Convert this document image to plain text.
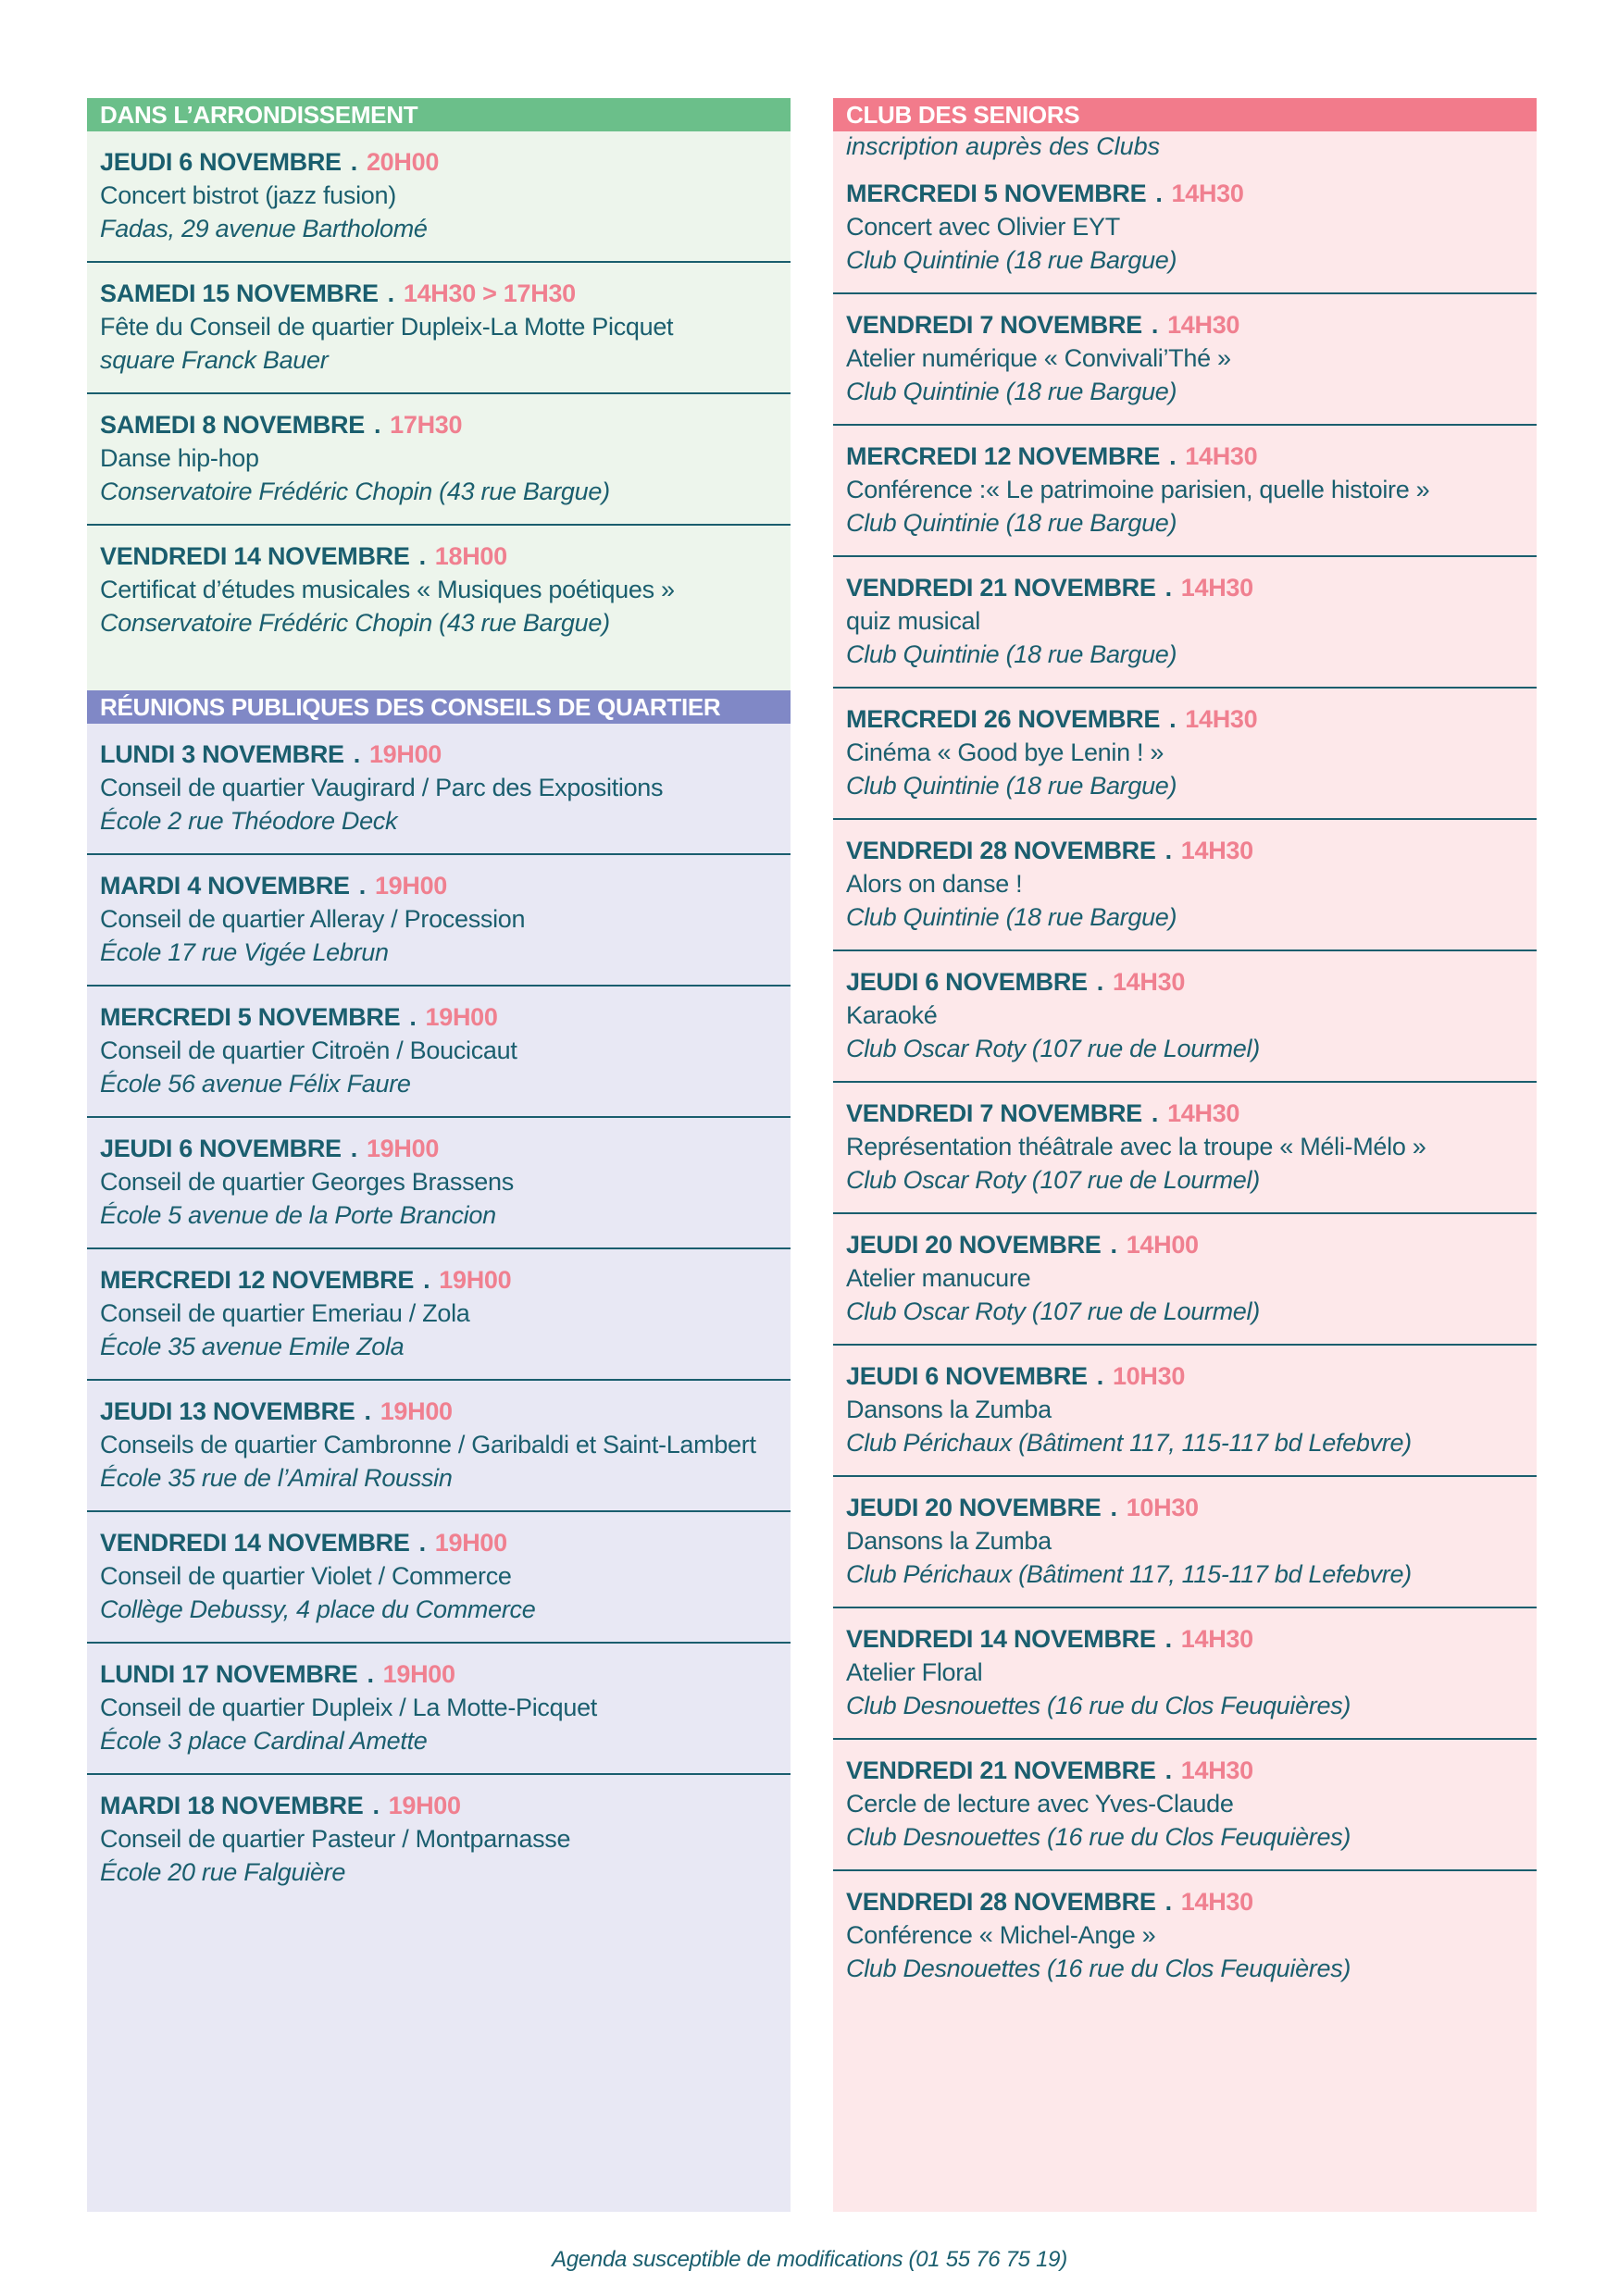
DANS L’ARRONDISSEMENT
JEUDI 6 NOVEMBRE . 20H00
Concert bistrot (jazz fusion)
Fadas, 29 avenue Bartholomé
SAMEDI 15 NOVEMBRE . 14H30 > 17H30
Fête du Conseil de quartier Dupleix-La Motte Picquet
square Franck Bauer
SAMEDI 8 NOVEMBRE . 17H30
Danse hip-hop
Conservatoire Frédéric Chopin (43 rue Bargue)
VENDREDI 14 NOVEMBRE . 18H00
Certificat d’études musicales « Musiques poétiques »
Conservatoire Frédéric Chopin (43 rue Bargue)
RÉUNIONS PUBLIQUES DES CONSEILS DE QUARTIER
LUNDI 3 NOVEMBRE . 19H00
Conseil de quartier Vaugirard / Parc des Expositions
École 2 rue Théodore Deck
MARDI 4 NOVEMBRE . 19H00
Conseil de quartier Alleray / Procession
École 17 rue Vigée Lebrun
MERCREDI 5 NOVEMBRE . 19H00
Conseil de quartier Citroën / Boucicaut
École 56 avenue Félix Faure
JEUDI 6 NOVEMBRE . 19H00
Conseil de quartier Georges Brassens
École 5 avenue de la Porte Brancion
MERCREDI 12 NOVEMBRE . 19H00
Conseil de quartier Emeriau / Zola
École 35 avenue Emile Zola
JEUDI 13 NOVEMBRE . 19H00
Conseils de quartier Cambronne / Garibaldi et Saint-Lambert
École 35 rue de l’Amiral Roussin
VENDREDI 14 NOVEMBRE . 19H00
Conseil de quartier Violet / Commerce
Collège Debussy, 4 place du Commerce
LUNDI 17 NOVEMBRE . 19H00
Conseil de quartier Dupleix / La Motte-Picquet
École 3 place Cardinal Amette
MARDI 18 NOVEMBRE . 19H00
Conseil de quartier Pasteur / Montparnasse
École 20 rue Falguière
CLUB DES SENIORS
inscription auprès des Clubs
MERCREDI 5 NOVEMBRE . 14H30
Concert avec Olivier EYT
Club Quintinie (18 rue Bargue)
VENDREDI 7 NOVEMBRE . 14H30
Atelier numérique « Convivali’Thé »
Club Quintinie (18 rue Bargue)
MERCREDI 12 NOVEMBRE . 14H30
Conférence :« Le patrimoine parisien, quelle histoire »
Club Quintinie (18 rue Bargue)
VENDREDI 21 NOVEMBRE . 14H30
quiz musical
Club Quintinie (18 rue Bargue)
MERCREDI 26 NOVEMBRE . 14H30
Cinéma « Good bye Lenin ! »
Club Quintinie (18 rue Bargue)
VENDREDI 28 NOVEMBRE . 14H30
Alors on danse !
Club Quintinie (18 rue Bargue)
JEUDI 6 NOVEMBRE . 14H30
Karaoké
Club Oscar Roty (107 rue de Lourmel)
VENDREDI 7 NOVEMBRE . 14H30
Représentation théâtrale avec la troupe « Méli-Mélo »
Club Oscar Roty (107 rue de Lourmel)
JEUDI 20 NOVEMBRE . 14H00
Atelier manucure
Club Oscar Roty (107 rue de Lourmel)
JEUDI 6 NOVEMBRE . 10H30
Dansons la Zumba
Club Périchaux (Bâtiment 117, 115-117 bd Lefebvre)
JEUDI 20 NOVEMBRE . 10H30
Dansons la Zumba
Club Périchaux (Bâtiment 117, 115-117 bd Lefebvre)
VENDREDI 14 NOVEMBRE . 14H30
Atelier Floral
Club Desnouettes (16 rue du Clos Feuquières)
VENDREDI 21 NOVEMBRE . 14H30
Cercle de lecture avec Yves-Claude
Club Desnouettes (16 rue du Clos Feuquières)
VENDREDI 28 NOVEMBRE . 14H30
Conférence « Michel-Ange »
Club Desnouettes (16 rue du Clos Feuquières)
Agenda susceptible de modifications (01 55 76 75 19)
